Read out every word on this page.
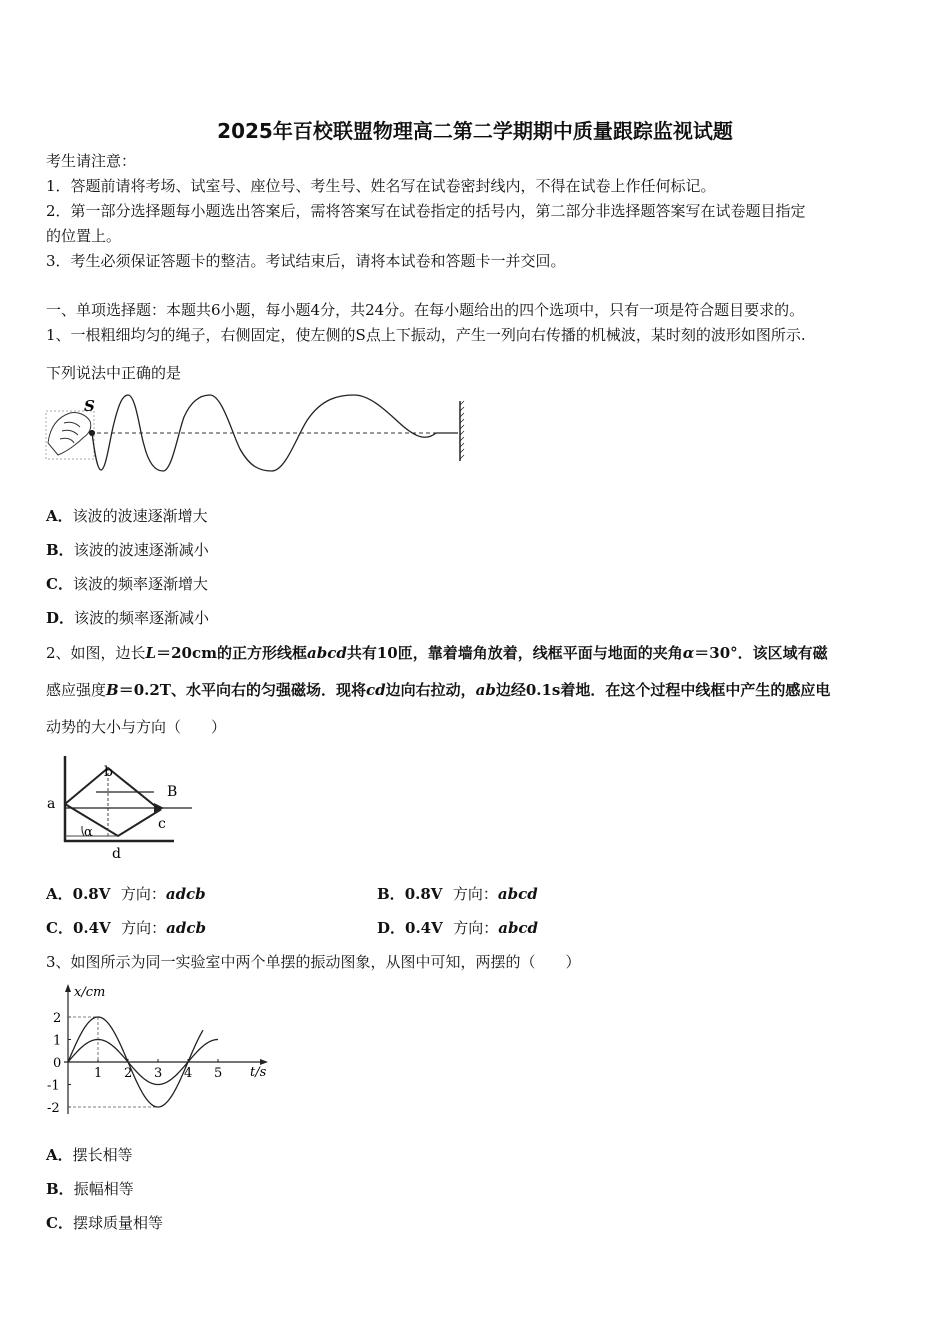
2025年百校联盟物理高二第二学期期中质量跟踪监视试题
考生请注意：
1．答题前请将考场、试室号、座位号、考生号、姓名写在试卷密封线内，不得在试卷上作任何标记。
2．第一部分选择题每小题选出答案后，需将答案写在试卷指定的括号内，第二部分非选择题答案写在试卷题目指定
的位置上。
3．考生必须保证答题卡的整洁。考试结束后，请将本试卷和答题卡一并交回。
一、单项选择题：本题共6小题，每小题4分，共24分。在每小题给出的四个选项中，只有一项是符合题目要求的。
1、一根粗细均匀的绳子，右侧固定，使左侧的S点上下振动，产生一列向右传播的机械波，某时刻的波形如图所示.
下列说法中正确的是
S
A．该波的波速逐渐增大
B．该波的波速逐渐减小
C．该波的频率逐渐增大
D．该波的频率逐渐减小
2、如图，边长L＝20cm的正方形线框abcd共有10匝，靠着墙角放着，线框平面与地面的夹角α＝30°．该区域有磁
感应强度B＝0.2T、水平向右的匀强磁场．现将cd边向右拉动，ab边经0.1s着地．在这个过程中线框中产生的感应电
动势的大小与方向（　　）
a
b
c
d
B
α
A．0.8V 方向：adcb	B．0.8V 方向：abcd
C．0.4V 方向：adcb	D．0.4V 方向：abcd
3、如图所示为同一实验室中两个单摆的振动图象，从图中可知，两摆的（　　）
x/cm
t/s
1 2 3 4 5
2
1
0
-1
-2
A．摆长相等
B．振幅相等
C．摆球质量相等
